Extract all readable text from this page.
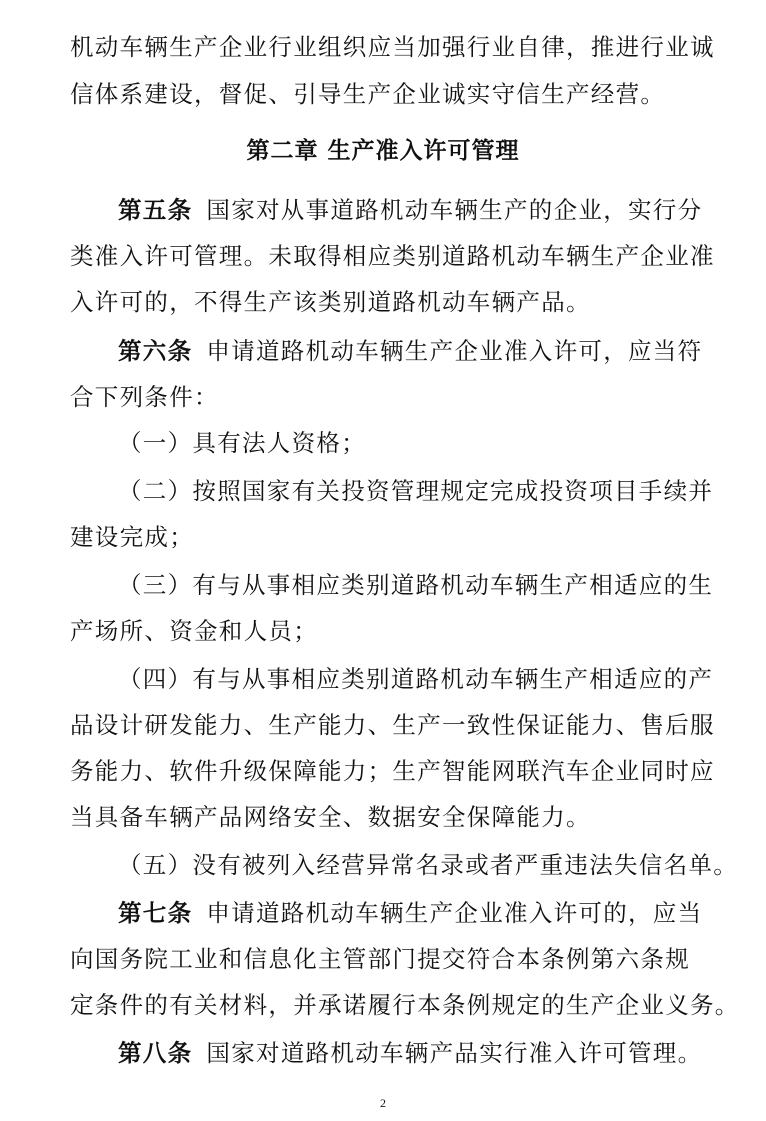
机动车辆生产企业行业组织应当加强行业自律，推进行业诚
信体系建设，督促、引导生产企业诚实守信生产经营。
第二章 生产准入许可管理
第五条 国家对从事道路机动车辆生产的企业，实行分
类准入许可管理。未取得相应类别道路机动车辆生产企业准
入许可的，不得生产该类别道路机动车辆产品。
第六条 申请道路机动车辆生产企业准入许可，应当符
合下列条件：
（一）具有法人资格；
（二）按照国家有关投资管理规定完成投资项目手续并
建设完成；
（三）有与从事相应类别道路机动车辆生产相适应的生
产场所、资金和人员；
（四）有与从事相应类别道路机动车辆生产相适应的产
品设计研发能力、生产能力、生产一致性保证能力、售后服
务能力、软件升级保障能力；生产智能网联汽车企业同时应
当具备车辆产品网络安全、数据安全保障能力。
（五）没有被列入经营异常名录或者严重违法失信名单。
第七条 申请道路机动车辆生产企业准入许可的，应当
向国务院工业和信息化主管部门提交符合本条例第六条规
定条件的有关材料，并承诺履行本条例规定的生产企业义务。
第八条 国家对道路机动车辆产品实行准入许可管理。
2
